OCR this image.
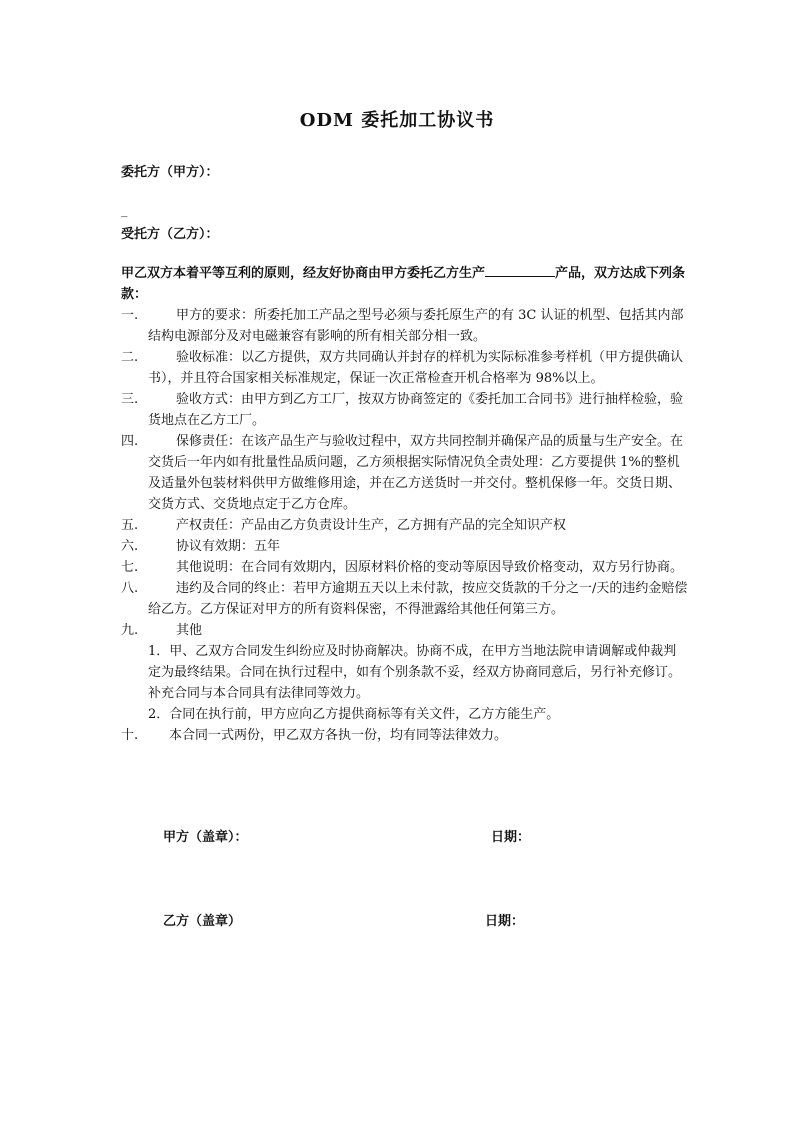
ODM 委托加工协议书
委托方（甲方）：
_
受托方（乙方）：
甲乙双方本着平等互利的原则，经友好协商由甲方委托乙方生产	产品，双方达成下列条款：
一.	甲方的要求：所委托加工产品之型号必须与委托原生产的有 3C 认证的机型、包括其内部结构电源部分及对电磁兼容有影响的所有相关部分相一致。
二.	验收标准：以乙方提供，双方共同确认并封存的样机为实际标准参考样机（甲方提供确认书），并且符合国家相关标准规定，保证一次正常检查开机合格率为 98%以上。
三.	验收方式：由甲方到乙方工厂，按双方协商签定的《委托加工合同书》进行抽样检验，验货地点在乙方工厂。
四.	保修责任：在该产品生产与验收过程中，双方共同控制并确保产品的质量与生产安全。在交货后一年内如有批量性品质问题，乙方须根据实际情况负全责处理：乙方要提供 1%的整机及适量外包装材料供甲方做维修用途，并在乙方送货时一并交付。整机保修一年。交货日期、交货方式、交货地点定于乙方仓库。
五.	产权责任：产品由乙方负责设计生产，乙方拥有产品的完全知识产权
六.	协议有效期：五年
七.	其他说明：在合同有效期内，因原材料价格的变动等原因导致价格变动，双方另行协商。
八.	违约及合同的终止：若甲方逾期五天以上未付款，按应交货款的千分之一/天的违约金赔偿给乙方。乙方保证对甲方的所有资料保密，不得泄露给其他任何第三方。
九.	其他
1．甲、乙双方合同发生纠纷应及时协商解决。协商不成，在甲方当地法院申请调解或仲裁判定为最终结果。合同在执行过程中，如有个别条款不妥，经双方协商同意后，另行补充修订。补充合同与本合同具有法律同等效力。
2．合同在执行前，甲方应向乙方提供商标等有关文件，乙方方能生产。
十.	本合同一式两份，甲乙双方各执一份，均有同等法律效力。
甲方（盖章）：	日期：
乙方（盖章）	日期：
